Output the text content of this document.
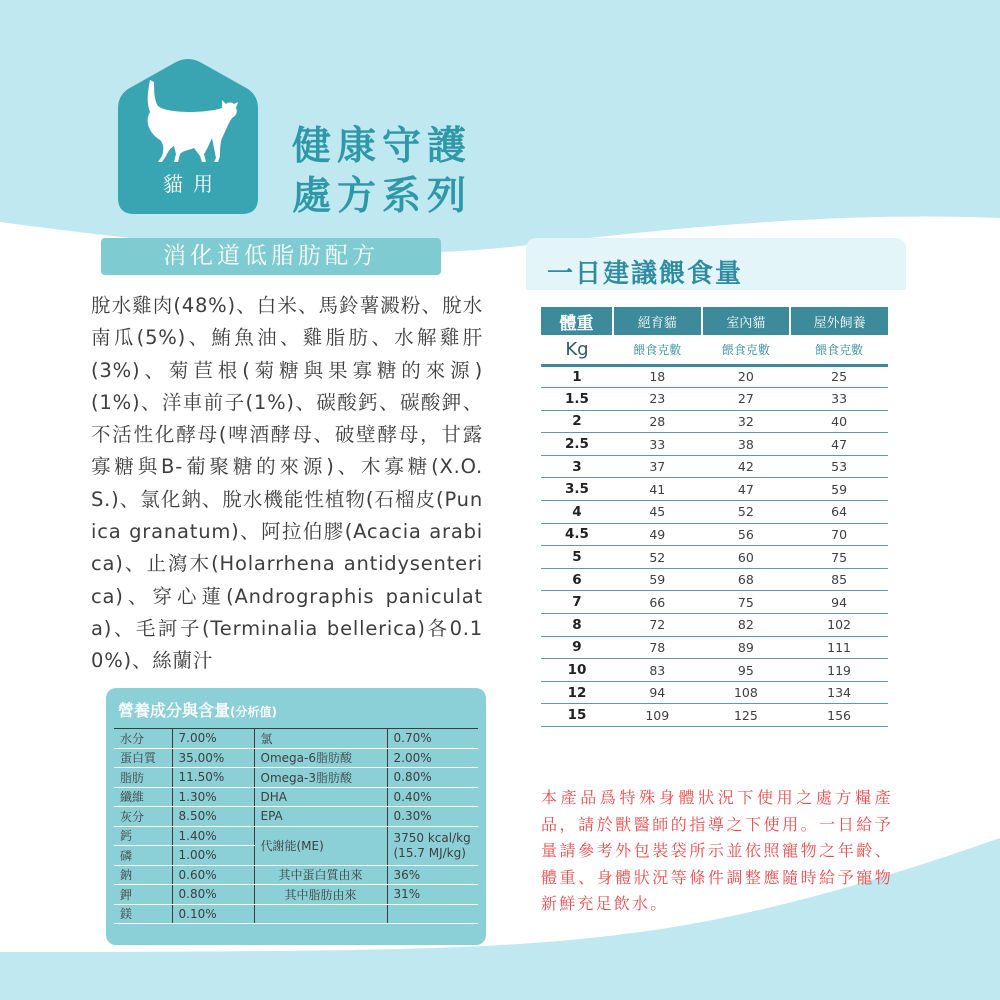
貓用
健康守護
處方系列
消化道低脂肪配方
脫水雞肉(48%)、白米、馬鈴薯澱粉、脫水南瓜(5%)、鮪魚油、雞脂肪、水解雞肝(3%)、菊苣根(菊糖與果寡糖的來源)(1%)、洋車前子(1%)、碳酸鈣、碳酸鉀、不活性化酵母(啤酒酵母、破壁酵母，甘露寡糖與B-葡聚糖的來源)、木寡糖(X.O.S.)、氯化鈉、脫水機能性植物(石榴皮(Punica granatum)、阿拉伯膠(Acacia arabica)、止瀉木(Holarrhena antidysenterica)、穿心蓮(Andrographis paniculata)、毛訶子(Terminalia bellerica)各0.10%)、絲蘭汁
營養成分與含量(分析值)
水分	7.00%	氯	0.70%
蛋白質	35.00%	Omega-6脂肪酸	2.00%
脂肪	11.50%	Omega-3脂肪酸	0.80%
纖維	1.30%	DHA	0.40%
灰分	8.50%	EPA	0.30%
鈣	1.40%	代謝能(ME)	3750 kcal/kg
(15.7 MJ/kg)

磷	1.00%		
鈉	0.60%	其中蛋白質由來	36%
鉀	0.80%	其中脂肪由來	31%
鎂	0.10%		
一日建議餵食量
體重	絕育貓	室內貓	屋外飼養
Kg	餵食克數	餵食克數	餵食克數
1	18	20	25
1.5	23	27	33
2	28	32	40
2.5	33	38	47
3	37	42	53
3.5	41	47	59
4	45	52	64
4.5	49	56	70
5	52	60	75
6	59	68	85
7	66	75	94
8	72	82	102
9	78	89	111
10	83	95	119
12	94	108	134
15	109	125	156
本產品爲特殊身體狀況下使用之處方糧產品，請於獸醫師的指導之下使用。一日給予量請參考外包裝袋所示並依照寵物之年齡、體重、身體狀況等條件調整應隨時給予寵物新鮮充足飲水。
